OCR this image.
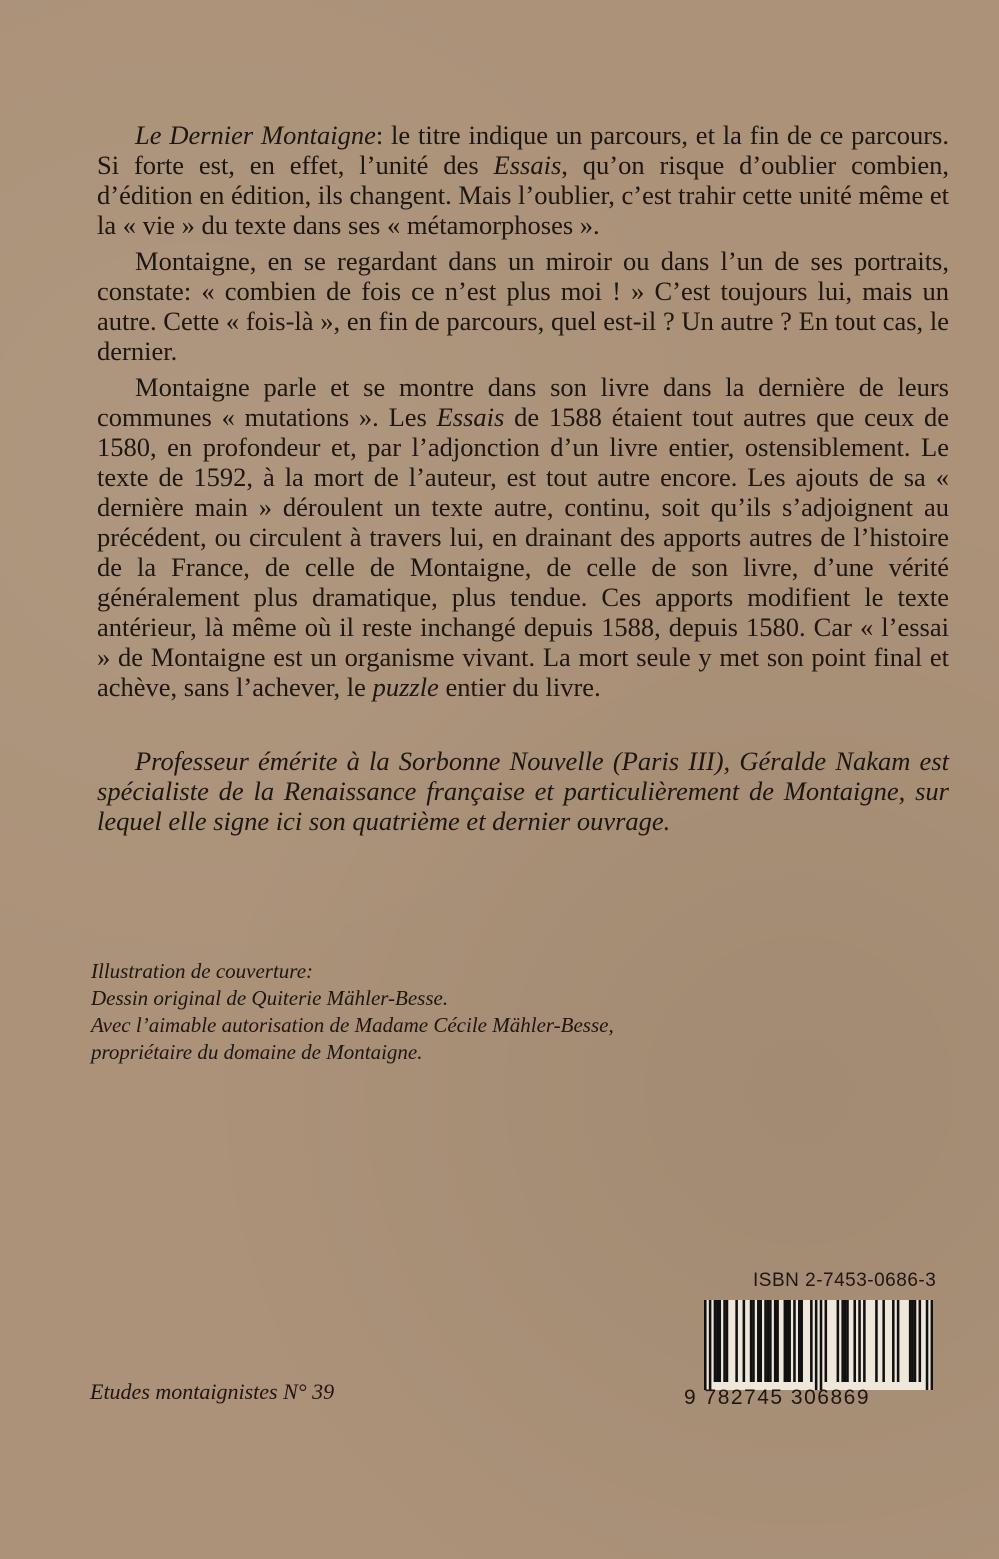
Le Dernier Montaigne: le titre indique un parcours, et la fin de ce parcours. Si forte est, en effet, l’unité des Essais, qu’on risque d’oublier combien, d’édition en édition, ils changent. Mais l’oublier, c’est trahir cette unité même et la « vie » du texte dans ses « métamorphoses ».

Montaigne, en se regardant dans un miroir ou dans l’un de ses portraits, constate: « combien de fois ce n’est plus moi ! » C’est toujours lui, mais un autre. Cette « fois-là », en fin de parcours, quel est-il ? Un autre ? En tout cas, le dernier.

Montaigne parle et se montre dans son livre dans la dernière de leurs communes « mutations ». Les Essais de 1588 étaient tout autres que ceux de 1580, en profondeur et, par l’adjonction d’un livre entier, ostensiblement. Le texte de 1592, à la mort de l’auteur, est tout autre encore. Les ajouts de sa « dernière main » déroulent un texte autre, continu, soit qu’ils s’adjoignent au précédent, ou circulent à travers lui, en drainant des apports autres de l’histoire de la France, de celle de Montaigne, de celle de son livre, d’une vérité généralement plus dramatique, plus tendue. Ces apports modifient le texte antérieur, là même où il reste inchangé depuis 1588, depuis 1580. Car « l’essai » de Montaigne est un organisme vivant. La mort seule y met son point final et achève, sans l’achever, le puzzle entier du livre.

Professeur émérite à la Sorbonne Nouvelle (Paris III), Géralde Nakam est spécialiste de la Renaissance française et particulièrement de Montaigne, sur lequel elle signe ici son quatrième et dernier ouvrage.

Illustration de couverture:
Dessin original de Quiterie Mähler-Besse.
Avec l’aimable autorisation de Madame Cécile Mähler-Besse,
propriétaire du domaine de Montaigne.
Etudes montaignistes N° 39
ISBN 2-7453-0686-3
9 782745 306869
